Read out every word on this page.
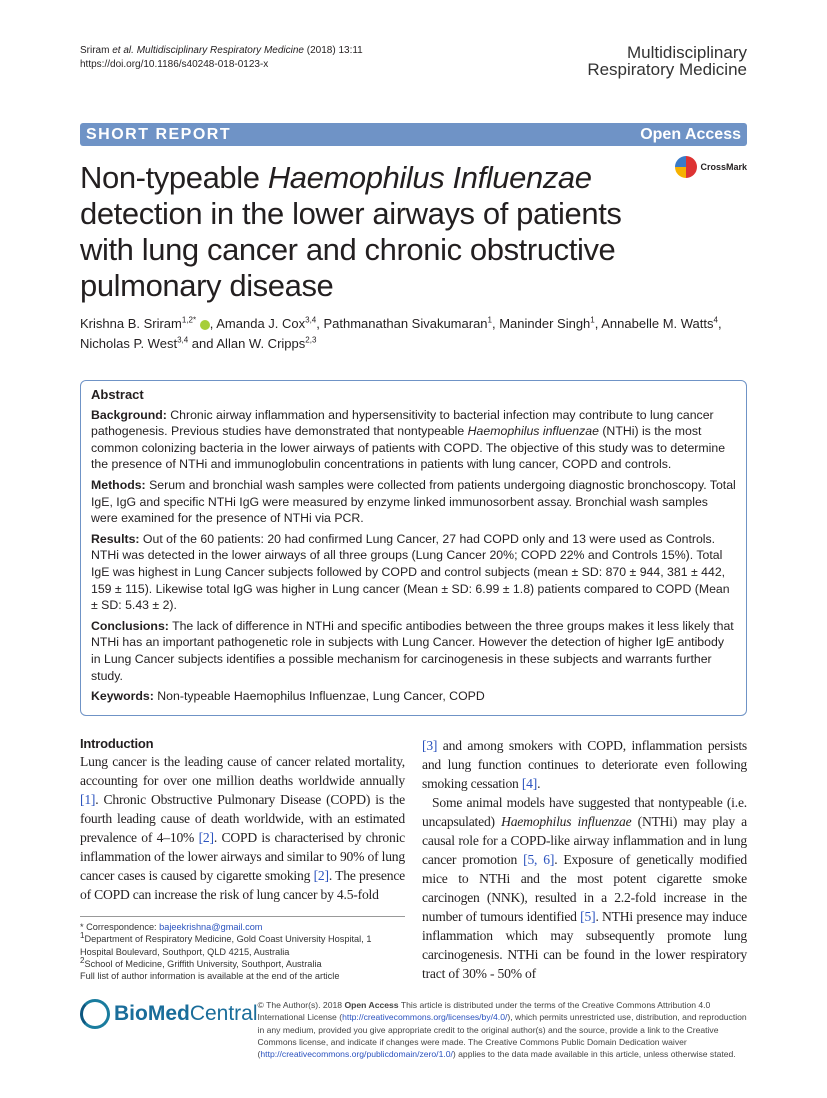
Sriram et al. Multidisciplinary Respiratory Medicine (2018) 13:11
https://doi.org/10.1186/s40248-018-0123-x
Multidisciplinary
Respiratory Medicine
SHORT REPORT	Open Access
Non-typeable Haemophilus Influenzae detection in the lower airways of patients with lung cancer and chronic obstructive pulmonary disease
CrossMark
Krishna B. Sriram$^{1,2*}$ , Amanda J. Cox$^{3,4}$, Pathmanathan Sivakumaran$^1$, Maninder Singh$^1$, Annabelle M. Watts$^4$, Nicholas P. West$^{3,4}$ and Allan W. Cripps$^{2,3}$
Abstract

Background: Chronic airway inflammation and hypersensitivity to bacterial infection may contribute to lung cancer pathogenesis. Previous studies have demonstrated that nontypeable Haemophilus influenzae (NTHi) is the most common colonizing bacteria in the lower airways of patients with COPD. The objective of this study was to determine the presence of NTHi and immunoglobulin concentrations in patients with lung cancer, COPD and controls.

Methods: Serum and bronchial wash samples were collected from patients undergoing diagnostic bronchoscopy. Total IgE, IgG and specific NTHi IgG were measured by enzyme linked immunosorbent assay. Bronchial wash samples were examined for the presence of NTHi via PCR.

Results: Out of the 60 patients: 20 had confirmed Lung Cancer, 27 had COPD only and 13 were used as Controls. NTHi was detected in the lower airways of all three groups (Lung Cancer 20%; COPD 22% and Controls 15%). Total IgE was highest in Lung Cancer subjects followed by COPD and control subjects (mean ± SD: 870 ± 944, 381 ± 442, 159 ± 115). Likewise total IgG was higher in Lung cancer (Mean ± SD: 6.99 ± 1.8) patients compared to COPD (Mean ± SD: 5.43 ± 2).

Conclusions: The lack of difference in NTHi and specific antibodies between the three groups makes it less likely that NTHi has an important pathogenetic role in subjects with Lung Cancer. However the detection of higher IgE antibody in Lung Cancer subjects identifies a possible mechanism for carcinogenesis in these subjects and warrants further study.

Keywords: Non-typeable Haemophilus Influenzae, Lung Cancer, COPD

Introduction

Lung cancer is the leading cause of cancer related mortality, accounting for over one million deaths worldwide annually [1]. Chronic Obstructive Pulmonary Disease (COPD) is the fourth leading cause of death worldwide, with an estimated prevalence of 4–10% [2]. COPD is characterised by chronic inflammation of the lower airways and similar to 90% of lung cancer cases is caused by cigarette smoking [2]. The presence of COPD can increase the risk of lung cancer by 4.5-fold

* Correspondence: bajeekrishna@gmail.com
$^1$Department of Respiratory Medicine, Gold Coast University Hospital, 1 Hospital Boulevard, Southport, QLD 4215, Australia
$^2$School of Medicine, Griffith University, Southport, Australia
Full list of author information is available at the end of the article

[3] and among smokers with COPD, inflammation persists and lung function continues to deteriorate even following smoking cessation [4].

Some animal models have suggested that nontypeable (i.e. uncapsulated) Haemophilus influenzae (NTHi) may play a causal role for a COPD-like airway inflammation and in lung cancer promotion [5, 6]. Exposure of genetically modified mice to NTHi and the most potent cigarette smoke carcinogen (NNK), resulted in a 2.2-fold increase in the number of tumours identified [5]. NTHi presence may induce inflammation which may subsequently promote lung carcinogenesis. NTHi can be found in the lower respiratory tract of 30% - 50% of

BioMed Central © The Author(s). 2018 Open Access This article is distributed under the terms of the Creative Commons Attribution 4.0 International License (http://creativecommons.org/licenses/by/4.0/), which permits unrestricted use, distribution, and reproduction in any medium, provided you give appropriate credit to the original author(s) and the source, provide a link to the Creative Commons license, and indicate if changes were made. The Creative Commons Public Domain Dedication waiver (http://creativecommons.org/publicdomain/zero/1.0/) applies to the data made available in this article, unless otherwise stated.
